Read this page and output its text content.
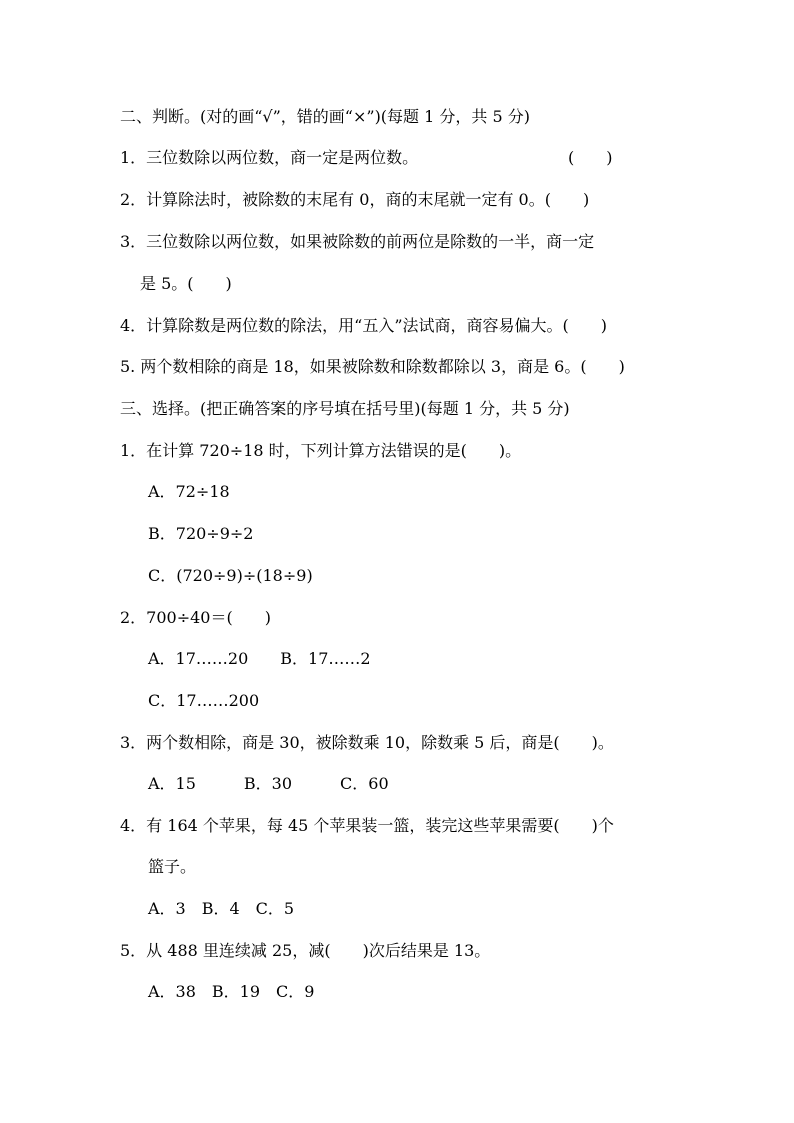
二、判断。(对的画“√”，错的画“×”)(每题 1 分，共 5 分)
1．三位数除以两位数，商一定是两位数。	(　　)
2．计算除法时，被除数的末尾有 0，商的末尾就一定有 0。(　　)
3．三位数除以两位数，如果被除数的前两位是除数的一半，商一定
是 5。(　　)
4．计算除数是两位数的除法，用“五入”法试商，商容易偏大。(　　)
5. 两个数相除的商是 18，如果被除数和除数都除以 3，商是 6。(　　)
三、选择。(把正确答案的序号填在括号里)(每题 1 分，共 5 分)
1．在计算 720÷18 时，下列计算方法错误的是(　　)。
A．72÷18
B．720÷9÷2
C．(720÷9)÷(18÷9)
2．700÷40＝(　　)
A．17……20　　B．17……2
C．17……200
3．两个数相除，商是 30，被除数乘 10，除数乘 5 后，商是(　　)。
A．15　　　B．30　　　C．60
4．有 164 个苹果，每 45 个苹果装一篮，装完这些苹果需要(　　)个
篮子。
A．3　B．4　C．5
5．从 488 里连续减 25，减(　　)次后结果是 13。
A．38　B．19　C．9
